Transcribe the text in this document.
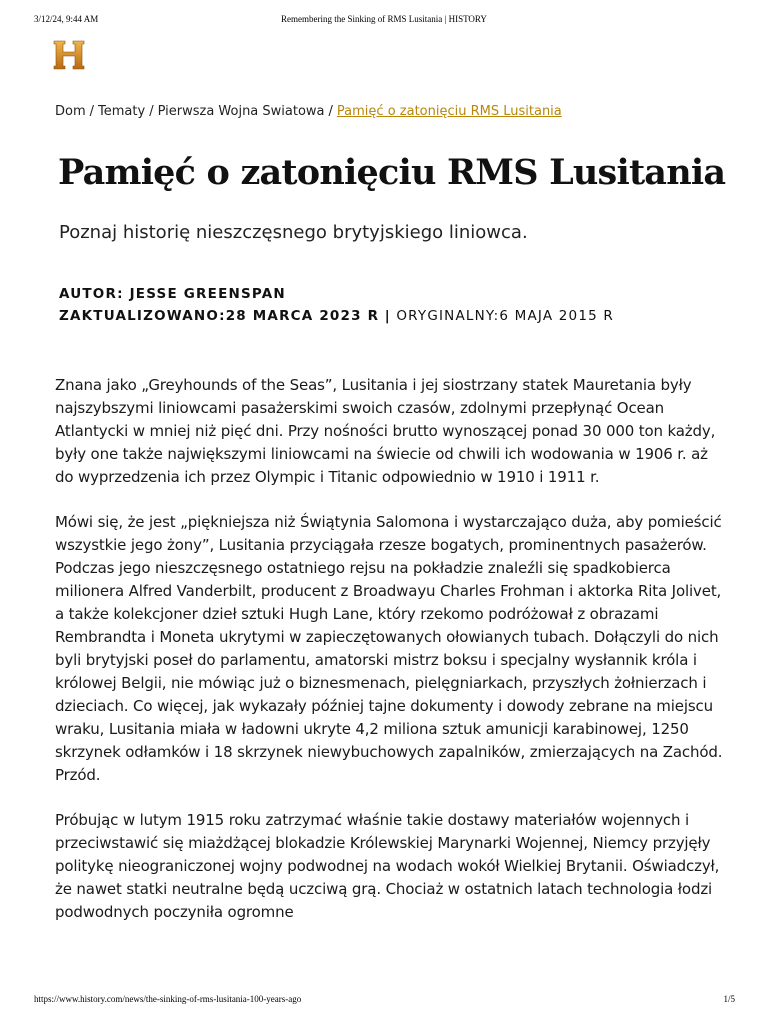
3/12/24, 9:44 AM	Remembering the Sinking of RMS Lusitania | HISTORY
Dom / Tematy / Pierwsza Wojna Swiatowa / Pamięć o zatonięciu RMS Lusitania
Pamięć o zatonięciu RMS Lusitania
Poznaj historię nieszczęsnego brytyjskiego liniowca.
AUTOR: JESSE GREENSPAN
ZAKTUALIZOWANO:28 MARCA 2023 R | ORYGINALNY:6 MAJA 2015 R

Znana jako „Greyhounds of the Seas”, Lusitania i jej siostrzany statek Mauretania były najszybszymi liniowcami pasażerskimi swoich czasów, zdolnymi przepłynąć Ocean Atlantycki w mniej niż pięć dni. Przy nośności brutto wynoszącej ponad 30 000 ton każdy, były one także największymi liniowcami na świecie od chwili ich wodowania w 1906 r. aż do wyprzedzenia ich przez Olympic i Titanic odpowiednio w 1910 i 1911 r.

Mówi się, że jest „piękniejsza niż Świątynia Salomona i wystarczająco duża, aby pomieścić wszystkie jego żony”, Lusitania przyciągała rzesze bogatych, prominentnych pasażerów. Podczas jego nieszczęsnego ostatniego rejsu na pokładzie znaleźli się spadkobierca milionera Alfred Vanderbilt, producent z Broadwayu Charles Frohman i aktorka Rita Jolivet, a także kolekcjoner dzieł sztuki Hugh Lane, który rzekomo podróżował z obrazami Rembrandta i Moneta ukrytymi w zapieczętowanych ołowianych tubach. Dołączyli do nich byli brytyjski poseł do parlamentu, amatorski mistrz boksu i specjalny wysłannik króla i królowej Belgii, nie mówiąc już o biznesmenach, pielęgniarkach, przyszłych żołnierzach i dzieciach. Co więcej, jak wykazały później tajne dokumenty i dowody zebrane na miejscu wraku, Lusitania miała w ładowni ukryte 4,2 miliona sztuk amunicji karabinowej, 1250 skrzynek odłamków i 18 skrzynek niewybuchowych zapalników, zmierzających na Zachód. Przód.

Próbując w lutym 1915 roku zatrzymać właśnie takie dostawy materiałów wojennych i przeciwstawić się miażdżącej blokadzie Królewskiej Marynarki Wojennej, Niemcy przyjęły politykę nieograniczonej wojny podwodnej na wodach wokół Wielkiej Brytanii. Oświadczył, że nawet statki neutralne będą uczciwą grą. Chociaż w ostatnich latach technologia łodzi podwodnych poczyniła ogromne

https://www.history.com/news/the-sinking-of-rms-lusitania-100-years-ago	1/5
